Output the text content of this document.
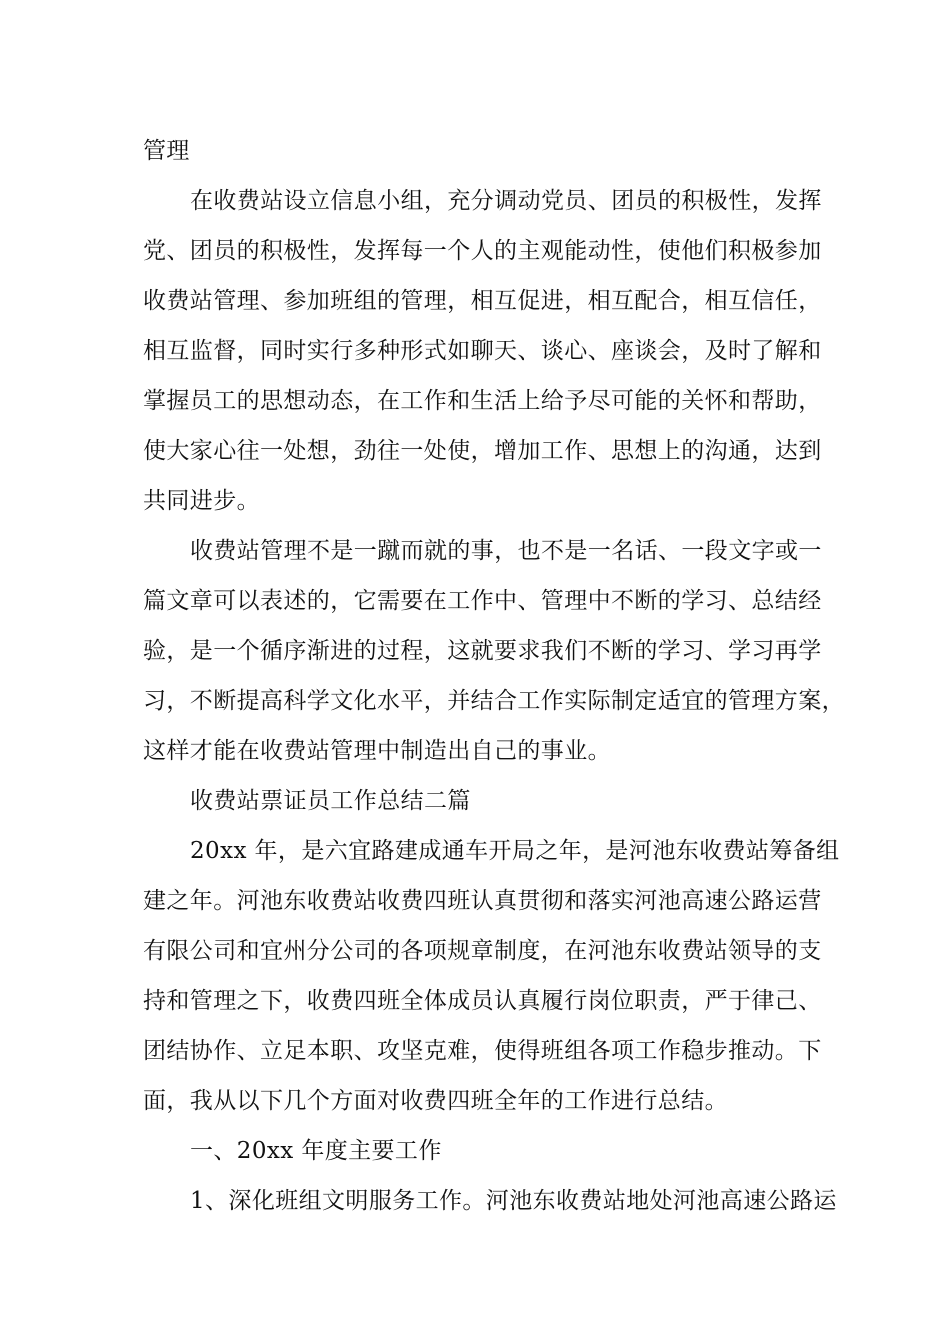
管理
在收费站设立信息小组，充分调动党员、团员的积极性，发挥
党、团员的积极性，发挥每一个人的主观能动性，使他们积极参加
收费站管理、参加班组的管理，相互促进，相互配合，相互信任，
相互监督，同时实行多种形式如聊天、谈心、座谈会，及时了解和
掌握员工的思想动态，在工作和生活上给予尽可能的关怀和帮助，
使大家心往一处想，劲往一处使，增加工作、思想上的沟通，达到
共同进步。
收费站管理不是一蹴而就的事，也不是一名话、一段文字或一
篇文章可以表述的，它需要在工作中、管理中不断的学习、总结经
验，是一个循序渐进的过程，这就要求我们不断的学习、学习再学
习，不断提高科学文化水平，并结合工作实际制定适宜的管理方案，
这样才能在收费站管理中制造出自己的事业。
收费站票证员工作总结二篇
20xx 年，是六宜路建成通车开局之年，是河池东收费站筹备组
建之年。河池东收费站收费四班认真贯彻和落实河池高速公路运营
有限公司和宜州分公司的各项规章制度，在河池东收费站领导的支
持和管理之下，收费四班全体成员认真履行岗位职责，严于律己、
团结协作、立足本职、攻坚克难，使得班组各项工作稳步推动。下
面，我从以下几个方面对收费四班全年的工作进行总结。
一、20xx 年度主要工作
1、深化班组文明服务工作。河池东收费站地处河池高速公路运
